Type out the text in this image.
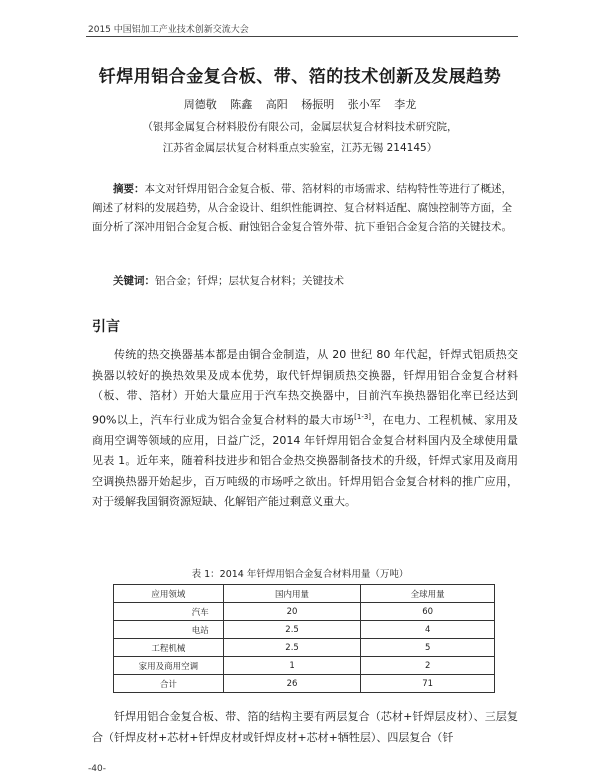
2015 中国铝加工产业技术创新交流大会
钎焊用铝合金复合板、带、箔的技术创新及发展趋势
周德敬 陈鑫 高阳 杨振明 张小军 李龙
（银邦金属复合材料股份有限公司，金属层状复合材料技术研究院，
江苏省金属层状复合材料重点实验室，江苏无锡 214145）

摘要：本文对钎焊用铝合金复合板、带、箔材料的市场需求、结构特性等进行了概述，阐述了材料的发展趋势，从合金设计、组织性能调控、复合材料适配、腐蚀控制等方面，全面分析了深冲用铝合金复合板、耐蚀铝合金复合管外带、抗下垂铝合金复合箔的关键技术。

关键词：铝合金；钎焊；层状复合材料；关键技术

引言

传统的热交换器基本都是由铜合金制造，从 20 世纪 80 年代起，钎焊式铝质热交换器以较好的换热效果及成本优势，取代钎焊铜质热交换器，钎焊用铝合金复合材料（板、带、箔材）开始大量应用于汽车热交换器中，目前汽车换热器铝化率已经达到 90%以上，汽车行业成为铝合金复合材料的最大市场[1-3]，在电力、工程机械、家用及商用空调等领域的应用，日益广泛，2014 年钎焊用铝合金复合材料国内及全球使用量见表 1。近年来，随着科技进步和铝合金热交换器制备技术的升级，钎焊式家用及商用空调换热器开始起步，百万吨级的市场呼之欲出。钎焊用铝合金复合材料的推广应用，对于缓解我国铜资源短缺、化解铝产能过剩意义重大。

表 1：2014 年钎焊用铝合金复合材料用量（万吨）
应用领域	国内用量	全球用量
汽车	20	60
电站	2.5	4
工程机械	2.5	5
家用及商用空调	1	2
合计	26	71

钎焊用铝合金复合板、带、箔的结构主要有两层复合（芯材+钎焊层皮材）、三层复合（钎焊皮材+芯材+钎焊皮材或钎焊皮材+芯材+牺牲层）、四层复合（钎

-40-
